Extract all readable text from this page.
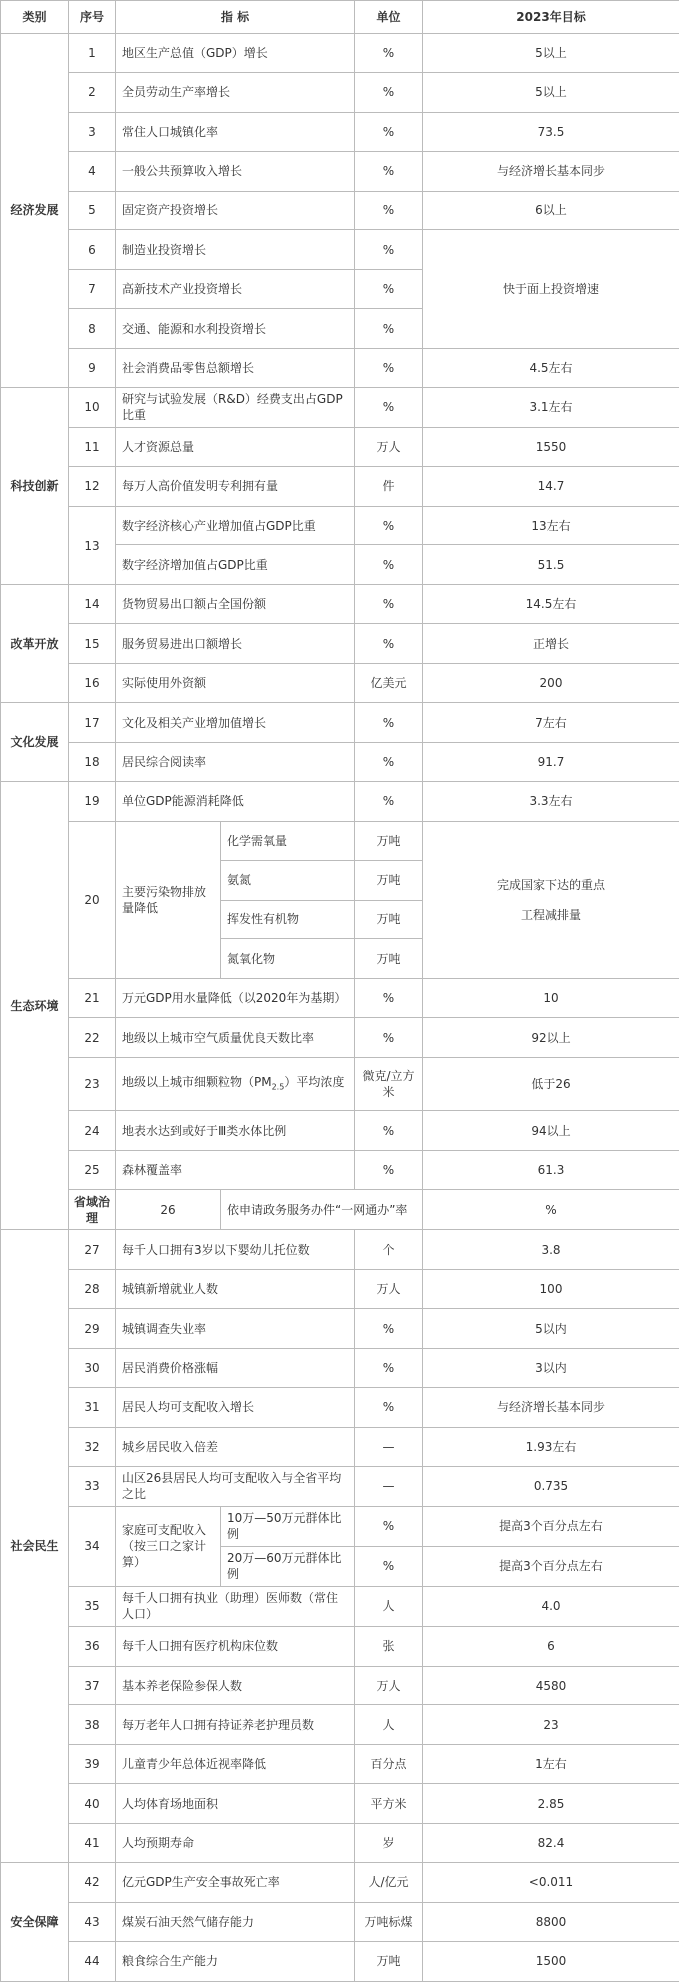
类别	序号	指 标		单位	2023年目标	
经济发展	1	地区生产总值（GDP）增长		%	5以上	
	2	全员劳动生产率增长		%	5以上	
	3	常住人口城镇化率		%	73.5	
	4	一般公共预算收入增长		%	与经济增长基本同步	
	5	固定资产投资增长		%	6以上	
	6	制造业投资增长		%	快于面上投资增速	
	7	高新技术产业投资增长		%		
	8	交通、能源和水利投资增长		%		
	9	社会消费品零售总额增长		%	4.5左右	
科技创新	10	研究与试验发展（R&D）经费支出占GDP比重		%	3.1左右	
	11	人才资源总量		万人	1550	
	12	每万人高价值发明专利拥有量		件	14.7	
	13	数字经济核心产业增加值占GDP比重		%	13左右	
		数字经济增加值占GDP比重		%	51.5	
改革开放	14	货物贸易出口额占全国份额		%	14.5左右	
	15	服务贸易进出口额增长		%	正增长	
	16	实际使用外资额		亿美元	200	
文化发展	17	文化及相关产业增加值增长		%	7左右	
	18	居民综合阅读率		%	91.7	
生态环境	19	单位GDP能源消耗降低		%	3.3左右	
	20	主要污染物排放量降低	化学需氧量	万吨	完成国家下达的重点
工程减排量	

			氨氮	万吨		
			挥发性有机物	万吨		
			氮氧化物	万吨		
	21	万元GDP用水量降低（以2020年为基期）		%	10	
	22	地级以上城市空气质量优良天数比率		%	92以上	
	23	地级以上城市细颗粒物$(PM_{2.5})$平均浓度		微克/立方米	低于26	
	24	地表水达到或好于Ⅲ类水体比例		%	94以上	
	25	森林覆盖率		%	61.3	
	省域治理	26	依申请政务服务办件“一网通办”率		%	
社会民生	27	每千人口拥有3岁以下婴幼儿托位数		个	3.8	
	28	城镇新增就业人数		万人	100	
	29	城镇调查失业率		%	5以内	
	30	居民消费价格涨幅		%	3以内	
	31	居民人均可支配收入增长		%	与经济增长基本同步	
	32	城乡居民收入倍差		—	1.93左右	
	33	山区26县居民人均可支配收入与全省平均之比		—	0.735	
	34	家庭可支配收入（按三口之家计算）	10万—50万元群体比例	%	提高3个百分点左右	
			20万—60万元群体比例	%	提高3个百分点左右	
	35	每千人口拥有执业（助理）医师数（常住人口）		人	4.0	
	36	每千人口拥有医疗机构床位数		张	6	
	37	基本养老保险参保人数		万人	4580	
	38	每万老年人口拥有持证养老护理员数		人	23	
	39	儿童青少年总体近视率降低		百分点	1左右	
	40	人均体育场地面积		平方米	2.85	
	41	人均预期寿命		岁	82.4	
安全保障	42	亿元GDP生产安全事故死亡率		人/亿元	<0.011	
	43	煤炭石油天然气储存能力		万吨标煤	8800	
	44	粮食综合生产能力		万吨	1500	
